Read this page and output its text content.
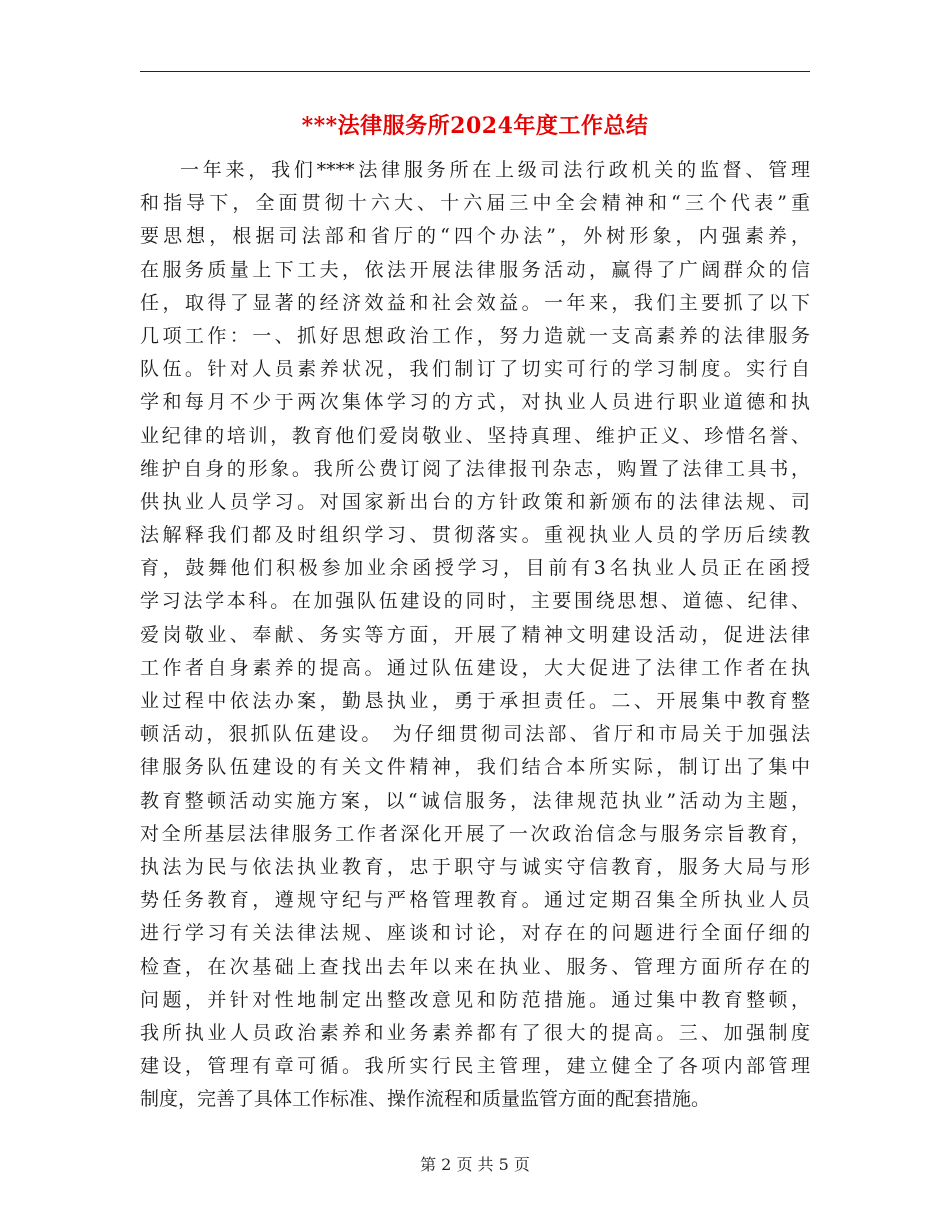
***法律服务所2024年度工作总结
一年来，我们****法律服务所在上级司法行政机关的监督、管理
和指导下，全面贯彻十六大、十六届三中全会精神和“三个代表”重
要思想，根据司法部和省厅的“四个办法”，外树形象，内强素养，
在服务质量上下工夫，依法开展法律服务活动，赢得了广阔群众的信
任，取得了显著的经济效益和社会效益。一年来，我们主要抓了以下
几项工作：一、抓好思想政治工作，努力造就一支高素养的法律服务
队伍。针对人员素养状况，我们制订了切实可行的学习制度。实行自
学和每月不少于两次集体学习的方式，对执业人员进行职业道德和执
业纪律的培训，教育他们爱岗敬业、坚持真理、维护正义、珍惜名誉、
维护自身的形象。我所公费订阅了法律报刊杂志，购置了法律工具书，
供执业人员学习。对国家新出台的方针政策和新颁布的法律法规、司
法解释我们都及时组织学习、贯彻落实。重视执业人员的学历后续教
育，鼓舞他们积极参加业余函授学习，目前有3名执业人员正在函授
学习法学本科。在加强队伍建设的同时，主要围绕思想、道德、纪律、
爱岗敬业、奉献、务实等方面，开展了精神文明建设活动，促进法律
工作者自身素养的提高。通过队伍建设，大大促进了法律工作者在执
业过程中依法办案，勤恳执业，勇于承担责任。二、开展集中教育整
顿活动，狠抓队伍建设。 为仔细贯彻司法部、省厅和市局关于加强法
律服务队伍建设的有关文件精神，我们结合本所实际，制订出了集中
教育整顿活动实施方案，以“诚信服务，法律规范执业”活动为主题，
对全所基层法律服务工作者深化开展了一次政治信念与服务宗旨教育，
执法为民与依法执业教育，忠于职守与诚实守信教育，服务大局与形
势任务教育，遵规守纪与严格管理教育。通过定期召集全所执业人员
进行学习有关法律法规、座谈和讨论，对存在的问题进行全面仔细的
检查，在次基础上查找出去年以来在执业、服务、管理方面所存在的
问题，并针对性地制定出整改意见和防范措施。通过集中教育整顿，
我所执业人员政治素养和业务素养都有了很大的提高。三、加强制度
建设，管理有章可循。我所实行民主管理，建立健全了各项内部管理
制度，完善了具体工作标准、操作流程和质量监管方面的配套措施。
第 2 页 共 5 页
